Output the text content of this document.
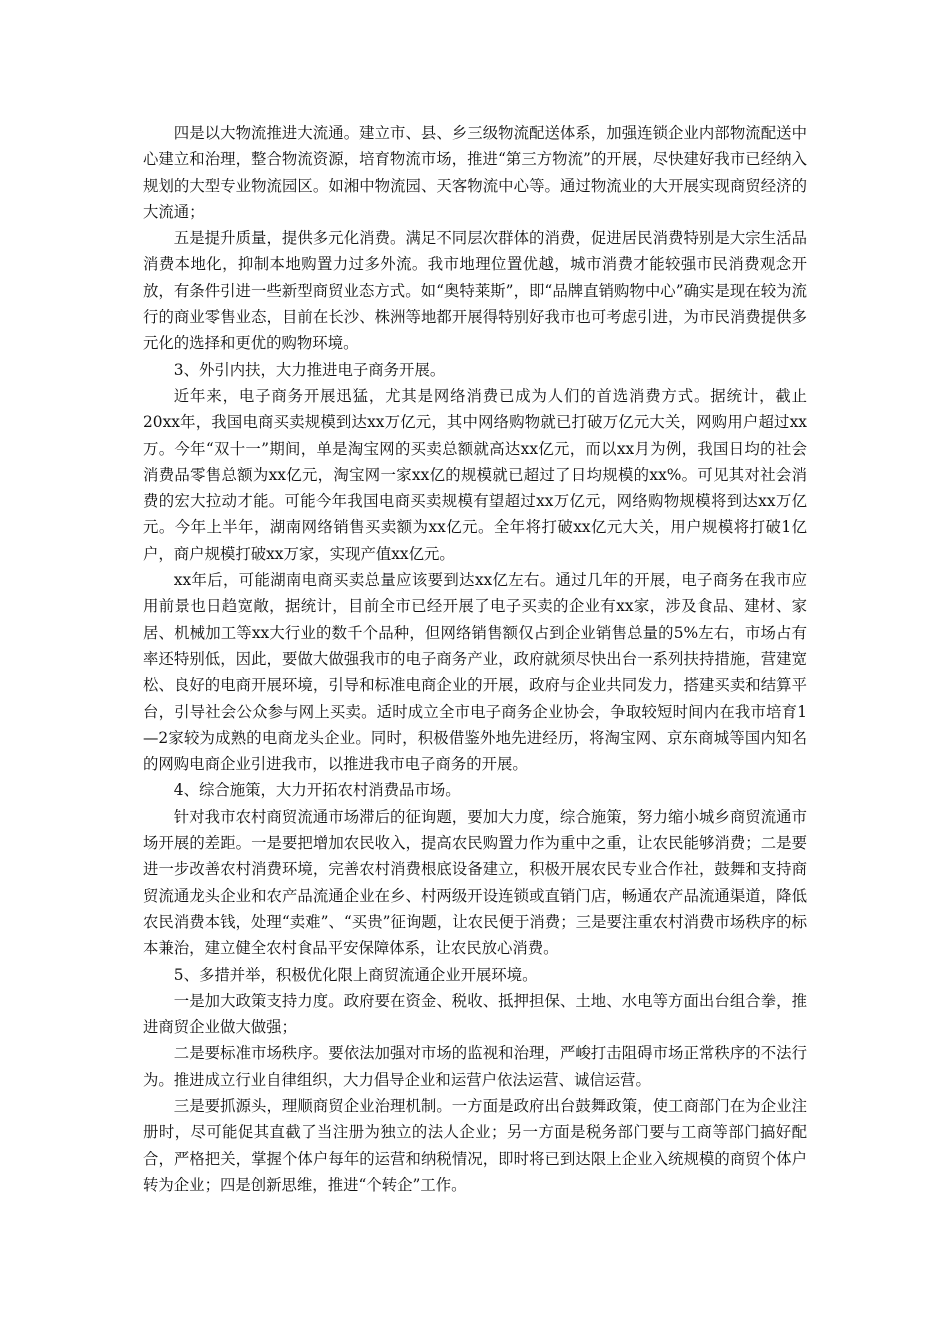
四是以大物流推进大流通。建立市、县、乡三级物流配送体系，加强连锁企业内部物流配送中心建立和治理，整合物流资源，培育物流市场，推进“第三方物流”的开展，尽快建好我市已经纳入规划的大型专业物流园区。如湘中物流园、天客物流中心等。通过物流业的大开展实现商贸经济的大流通；

五是提升质量，提供多元化消费。满足不同层次群体的消费，促进居民消费特别是大宗生活品消费本地化，抑制本地购置力过多外流。我市地理位置优越，城市消费才能较强市民消费观念开放，有条件引进一些新型商贸业态方式。如“奥特莱斯”，即“品牌直销购物中心”确实是现在较为流行的商业零售业态，目前在长沙、株洲等地都开展得特别好我市也可考虑引进，为市民消费提供多元化的选择和更优的购物环境。

3、外引内扶，大力推进电子商务开展。

近年来，电子商务开展迅猛，尤其是网络消费已成为人们的首选消费方式。据统计，截止20xx年，我国电商买卖规模到达xx万亿元，其中网络购物就已打破万亿元大关，网购用户超过xx万。今年“双十一”期间，单是淘宝网的买卖总额就高达xx亿元，而以xx月为例，我国日均的社会消费品零售总额为xx亿元，淘宝网一家xx亿的规模就已超过了日均规模的xx%。可见其对社会消费的宏大拉动才能。可能今年我国电商买卖规模有望超过xx万亿元，网络购物规模将到达xx万亿元。今年上半年，湖南网络销售买卖额为xx亿元。全年将打破xx亿元大关，用户规模将打破1亿户，商户规模打破xx万家，实现产值xx亿元。

xx年后，可能湖南电商买卖总量应该要到达xx亿左右。通过几年的开展，电子商务在我市应用前景也日趋宽敞，据统计，目前全市已经开展了电子买卖的企业有xx家，涉及食品、建材、家居、机械加工等xx大行业的数千个品种，但网络销售额仅占到企业销售总量的5%左右，市场占有率还特别低，因此，要做大做强我市的电子商务产业，政府就须尽快出台一系列扶持措施，营建宽松、良好的电商开展环境，引导和标准电商企业的开展，政府与企业共同发力，搭建买卖和结算平台，引导社会公众参与网上买卖。适时成立全市电子商务企业协会，争取较短时间内在我市培育1—2家较为成熟的电商龙头企业。同时，积极借鉴外地先进经历，将淘宝网、京东商城等国内知名的网购电商企业引进我市，以推进我市电子商务的开展。

4、综合施策，大力开拓农村消费品市场。

针对我市农村商贸流通市场滞后的征询题，要加大力度，综合施策，努力缩小城乡商贸流通市场开展的差距。一是要把增加农民收入，提高农民购置力作为重中之重，让农民能够消费；二是要进一步改善农村消费环境，完善农村消费根底设备建立，积极开展农民专业合作社，鼓舞和支持商贸流通龙头企业和农产品流通企业在乡、村两级开设连锁或直销门店，畅通农产品流通渠道，降低农民消费本钱，处理“卖难”、“买贵”征询题，让农民便于消费；三是要注重农村消费市场秩序的标本兼治，建立健全农村食品平安保障体系，让农民放心消费。

5、多措并举，积极优化限上商贸流通企业开展环境。

一是加大政策支持力度。政府要在资金、税收、抵押担保、土地、水电等方面出台组合拳，推进商贸企业做大做强；

二是要标准市场秩序。要依法加强对市场的监视和治理，严峻打击阻碍市场正常秩序的不法行为。推进成立行业自律组织，大力倡导企业和运营户依法运营、诚信运营。

三是要抓源头，理顺商贸企业治理机制。一方面是政府出台鼓舞政策，使工商部门在为企业注册时，尽可能促其直截了当注册为独立的法人企业；另一方面是税务部门要与工商等部门搞好配合，严格把关，掌握个体户每年的运营和纳税情况，即时将已到达限上企业入统规模的商贸个体户转为企业；四是创新思维，推进“个转企”工作。
